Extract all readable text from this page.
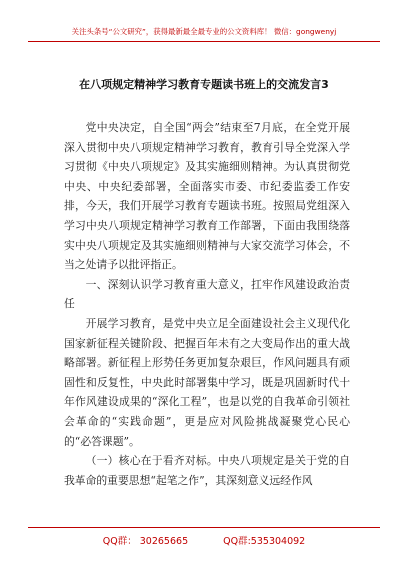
关注头条号“公文研究”，获得最新最全最专业的公文资料库！ 微信：gongwenyj
在八项规定精神学习教育专题读书班上的交流发言3

党中央决定，自全国“两会”结束至7月底，在全党开展深入贯彻中央八项规定精神学习教育，教育引导全党深入学习贯彻《中央八项规定》及其实施细则精神。为认真贯彻党中央、中央纪委部署，全面落实市委、市纪委监委工作安排，今天，我们开展学习教育专题读书班。按照局党组深入学习中央八项规定精神学习教育工作部署，下面由我围绕落实中央八项规定及其实施细则精神与大家交流学习体会，不当之处请予以批评指正。

一、深刻认识学习教育重大意义，扛牢作风建设政治责任

开展学习教育，是党中央立足全面建设社会主义现代化国家新征程关键阶段、把握百年未有之大变局作出的重大战略部署。新征程上形势任务更加复杂艰巨，作风问题具有顽固性和反复性，中央此时部署集中学习，既是巩固新时代十年作风建设成果的“深化工程”，也是以党的自我革命引领社会革命的“实践命题”，更是应对风险挑战凝聚党心民心的“必答课题”。

（一）核心在于看齐对标。中央八项规定是关于党的自我革命的重要思想“起笔之作”，其深刻意义远经作风

QQ群： 30265665	QQ群:535304092
